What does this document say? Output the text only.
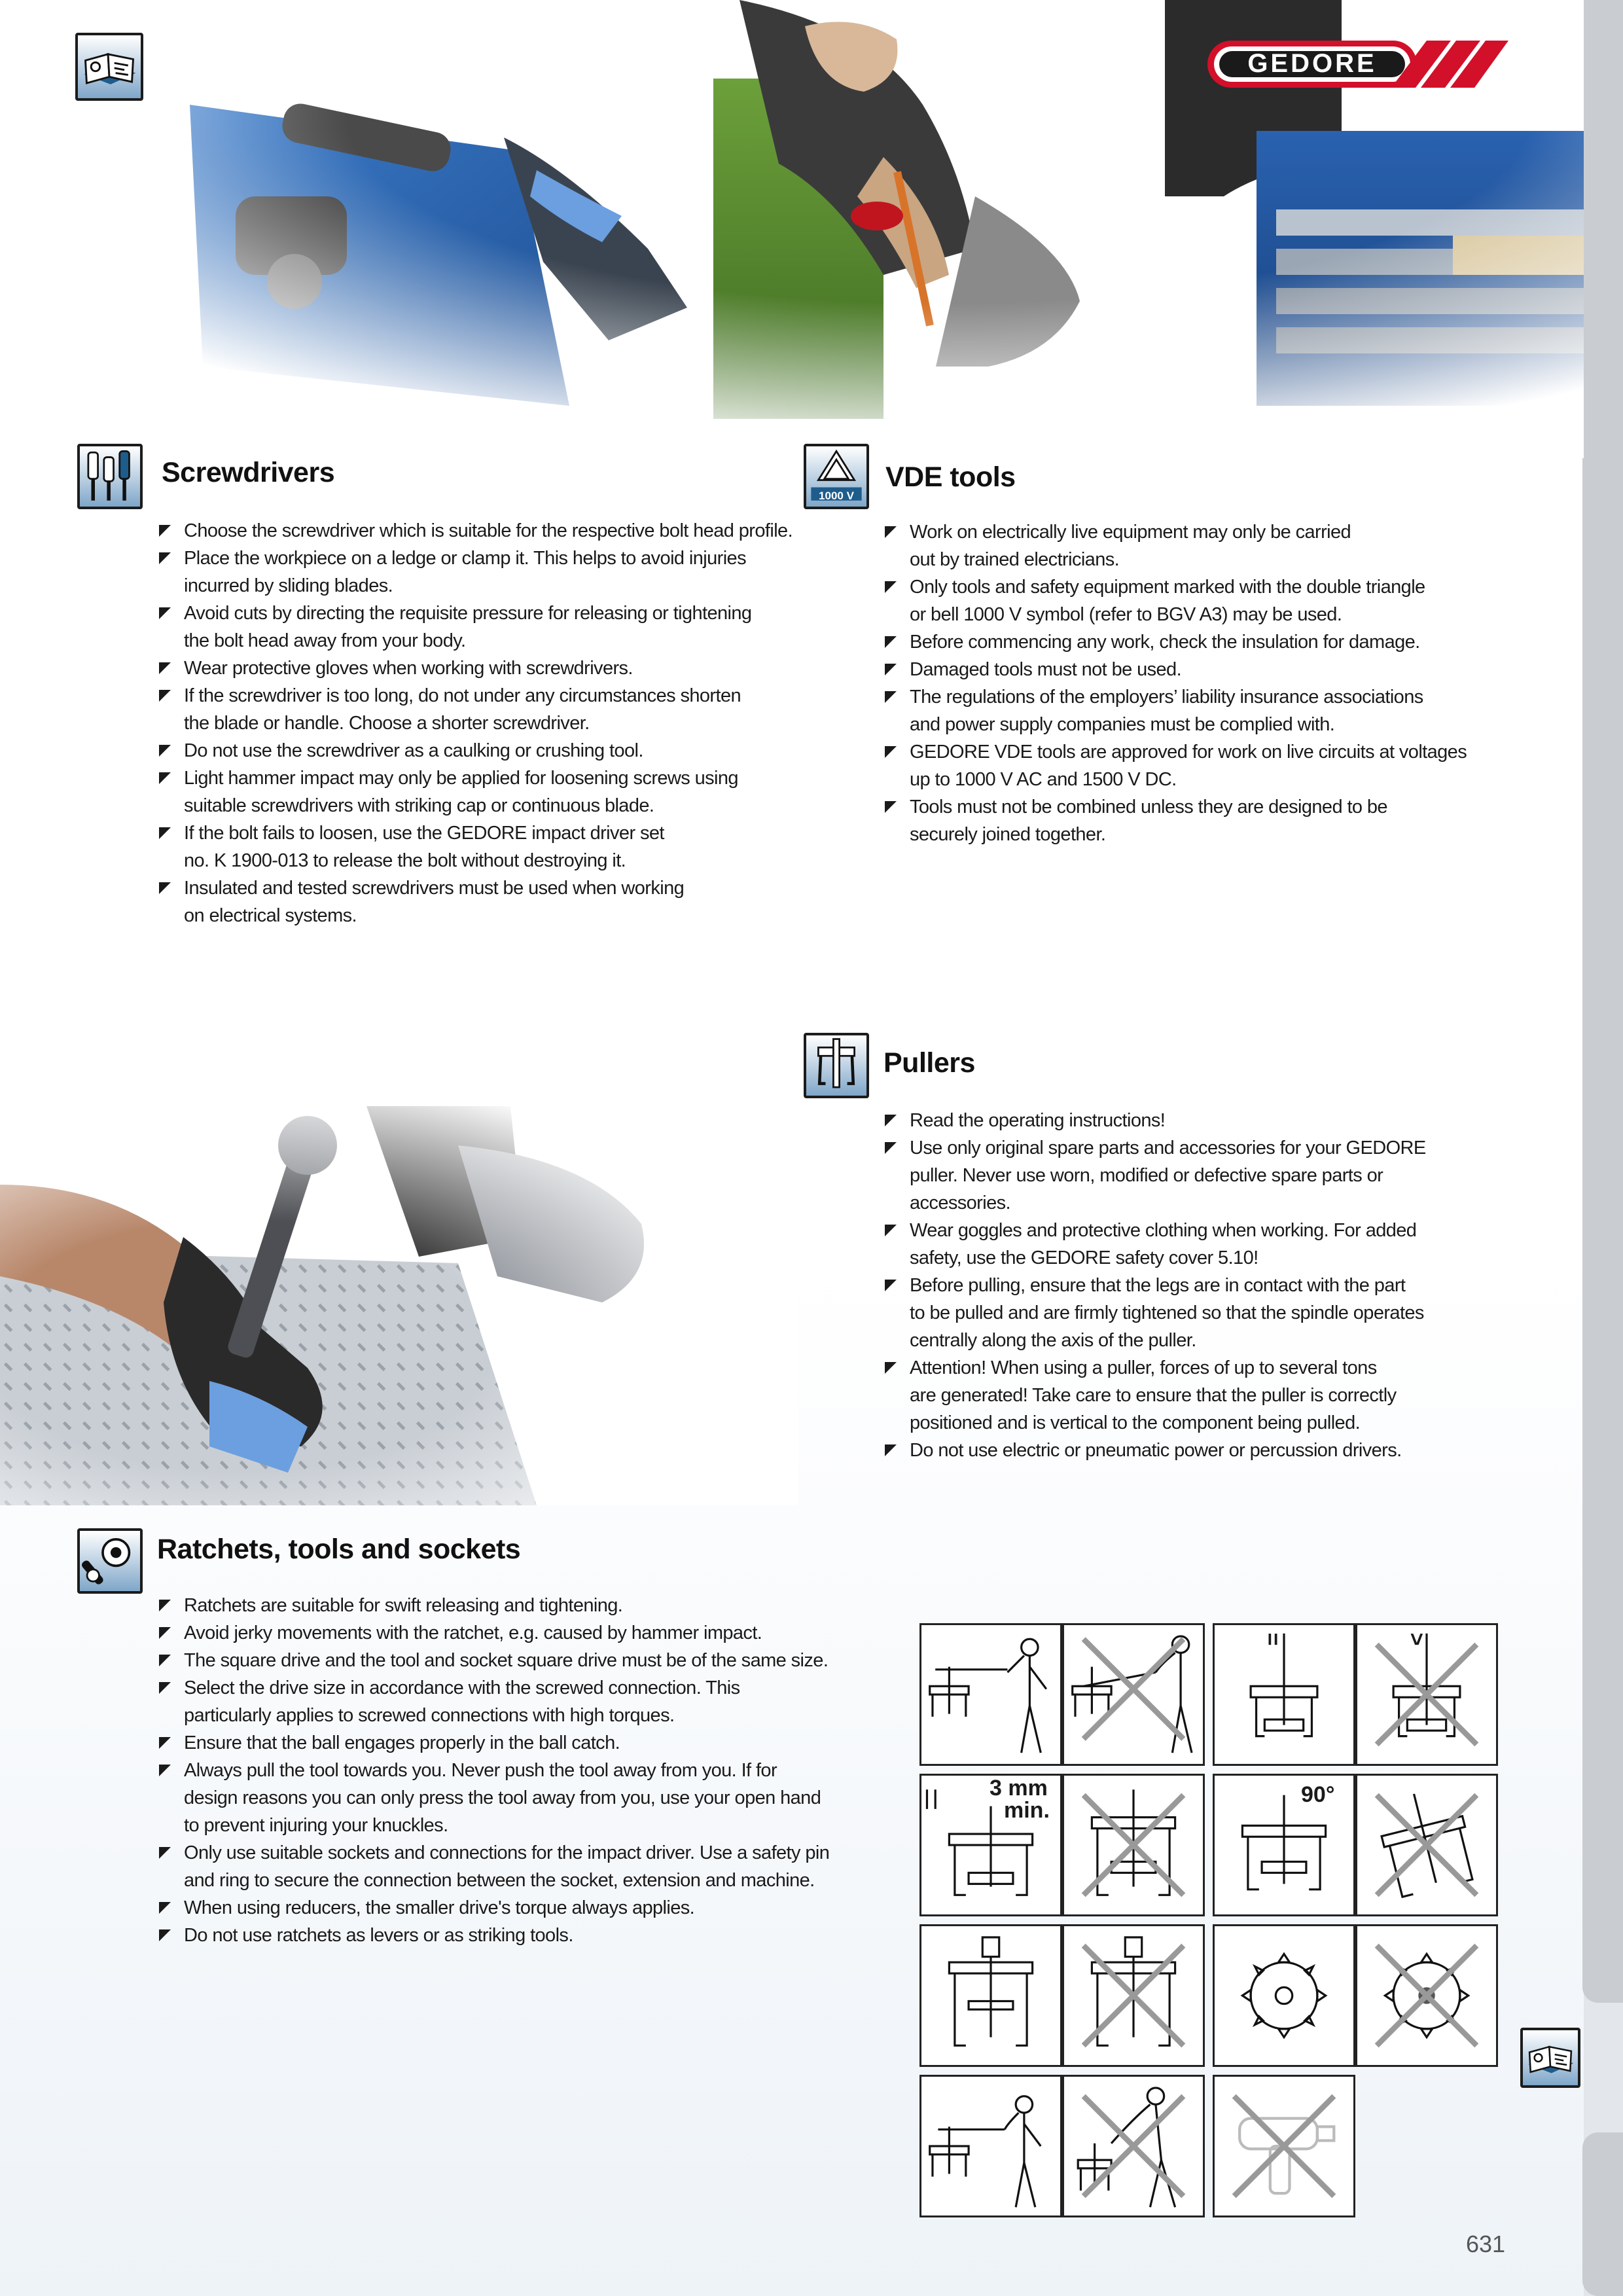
GEDORE
Screwdrivers
Choose the screwdriver which is suitable for the respective bolt head profile.
Place the workpiece on a ledge or clamp it. This helps to avoid injuries
incurred by sliding blades.
Avoid cuts by directing the requisite pressure for releasing or tightening
the bolt head away from your body.
Wear protective gloves when working with screwdrivers.
If the screwdriver is too long, do not under any circumstances shorten
the blade or handle. Choose a shorter screwdriver.
Do not use the screwdriver as a caulking or crushing tool.
Light hammer impact may only be applied for loosening screws using
suitable screwdrivers with striking cap or continuous blade.
If the bolt fails to loosen, use the GEDORE impact driver set
no. K 1900-013 to release the bolt without destroying it.
Insulated and tested screwdrivers must be used when working
on electrical systems.
1000 V
VDE tools
Work on electrically live equipment may only be carried
out by trained electricians.
Only tools and safety equipment marked with the double triangle
or bell 1000 V symbol (refer to BGV A3) may be used.
Before commencing any work, check the insulation for damage.
Damaged tools must not be used.
The regulations of the employers’ liability insurance associations
and power supply companies must be complied with.
GEDORE VDE tools are approved for work on live circuits at voltages
up to 1000 V AC and 1500 V DC.
Tools must not be combined unless they are designed to be
securely joined together.
Pullers
Read the operating instructions!
Use only original spare parts and accessories for your GEDORE
puller. Never use worn, modified or defective spare parts or
accessories.
Wear goggles and protective clothing when working. For added
safety, use the GEDORE safety cover 5.10!
Before pulling, ensure that the legs are in contact with the part
to be pulled and are firmly tightened so that the spindle operates
centrally along the axis of the puller.
Attention! When using a puller, forces of up to several tons
are generated! Take care to ensure that the puller is correctly
positioned and is vertical to the component being pulled.
Do not use electric or pneumatic power or percussion drivers.
Ratchets, tools and sockets
Ratchets are suitable for swift releasing and tightening.
Avoid jerky movements with the ratchet, e.g. caused by hammer impact.
The square drive and the tool and socket square drive must be of the same size.
Select the drive size in accordance with the screwed connection. This
particularly applies to screwed connections with high torques.
Ensure that the ball engages properly in the ball catch.
Always pull the tool towards you. Never push the tool away from you. If for
design reasons you can only press the tool away from you, use your open hand
to prevent injuring your knuckles.
Only use suitable sockets and connections for the impact driver. Use a safety pin
and ring to secure the connection between the socket, extension and machine.
When using reducers, the smaller drive's torque always applies.
Do not use ratchets as levers or as striking tools.
=	>
3 mm
min.
90°
631
